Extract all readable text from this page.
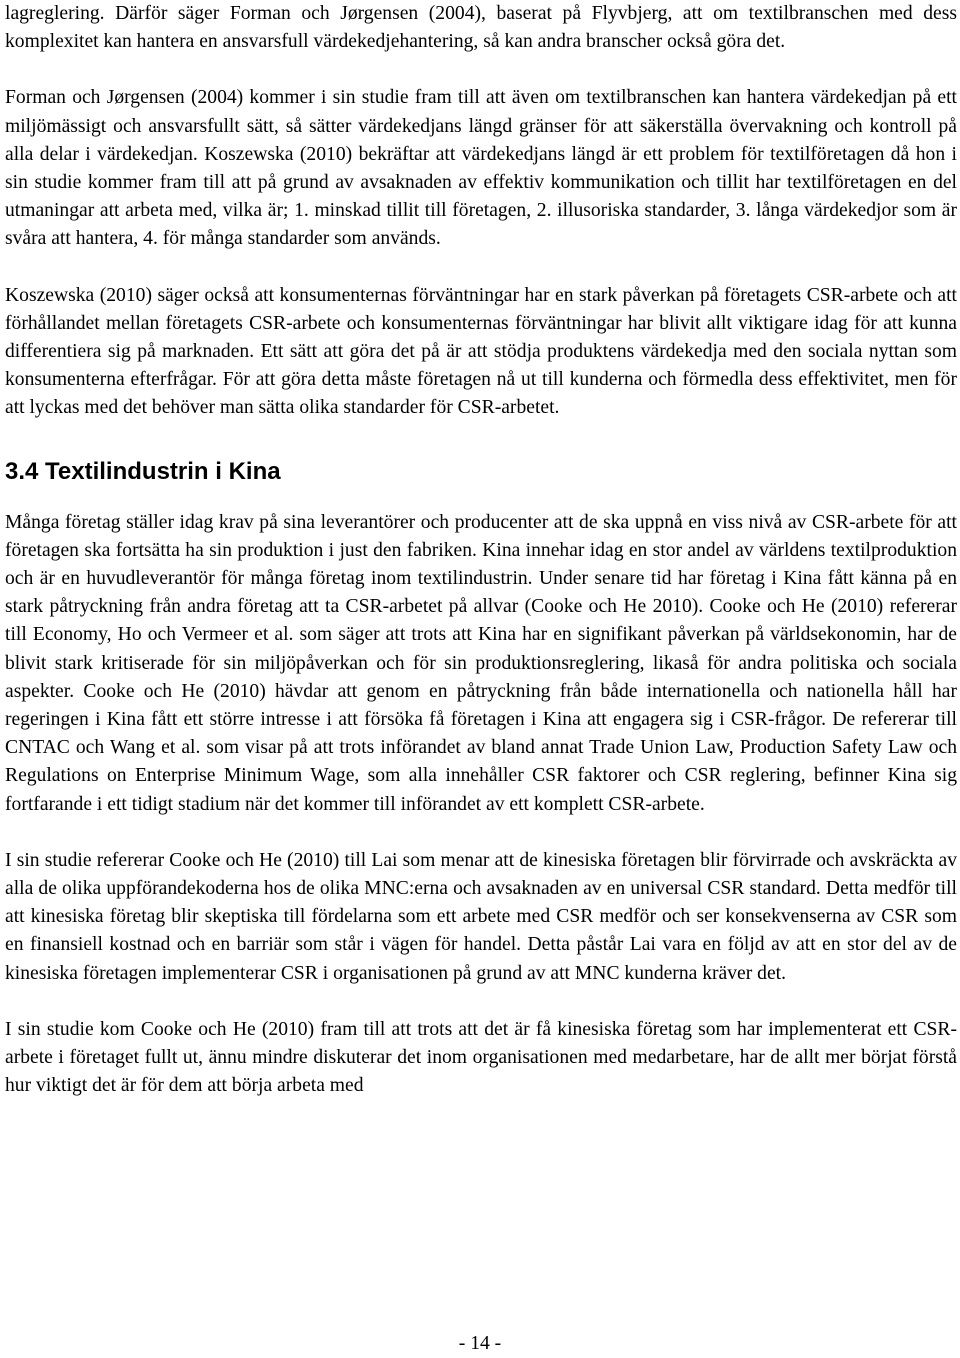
lagreglering. Därför säger Forman och Jørgensen (2004), baserat på Flyvbjerg, att om textilbranschen med dess komplexitet kan hantera en ansvarsfull värdekedjehantering, så kan andra branscher också göra det.

Forman och Jørgensen (2004) kommer i sin studie fram till att även om textilbranschen kan hantera värdekedjan på ett miljömässigt och ansvarsfullt sätt, så sätter värdekedjans längd gränser för att säkerställa övervakning och kontroll på alla delar i värdekedjan. Koszewska (2010) bekräftar att värdekedjans längd är ett problem för textilföretagen då hon i sin studie kommer fram till att på grund av avsaknaden av effektiv kommunikation och tillit har textilföretagen en del utmaningar att arbeta med, vilka är; 1. minskad tillit till företagen, 2. illusoriska standarder, 3. långa värdekedjor som är svåra att hantera, 4. för många standarder som används.

Koszewska (2010) säger också att konsumenternas förväntningar har en stark påverkan på företagets CSR-arbete och att förhållandet mellan företagets CSR-arbete och konsumenternas förväntningar har blivit allt viktigare idag för att kunna differentiera sig på marknaden. Ett sätt att göra det på är att stödja produktens värdekedja med den sociala nyttan som konsumenterna efterfrågar. För att göra detta måste företagen nå ut till kunderna och förmedla dess effektivitet, men för att lyckas med det behöver man sätta olika standarder för CSR-arbetet.

3.4 Textilindustrin i Kina

Många företag ställer idag krav på sina leverantörer och producenter att de ska uppnå en viss nivå av CSR-arbete för att företagen ska fortsätta ha sin produktion i just den fabriken. Kina innehar idag en stor andel av världens textilproduktion och är en huvudleverantör för många företag inom textilindustrin. Under senare tid har företag i Kina fått känna på en stark påtryckning från andra företag att ta CSR-arbetet på allvar (Cooke och He 2010). Cooke och He (2010) refererar till Economy, Ho och Vermeer et al. som säger att trots att Kina har en signifikant påverkan på världsekonomin, har de blivit stark kritiserade för sin miljöpåverkan och för sin produktionsreglering, likaså för andra politiska och sociala aspekter. Cooke och He (2010) hävdar att genom en påtryckning från både internationella och nationella håll har regeringen i Kina fått ett större intresse i att försöka få företagen i Kina att engagera sig i CSR-frågor. De refererar till CNTAC och Wang et al. som visar på att trots införandet av bland annat Trade Union Law, Production Safety Law och Regulations on Enterprise Minimum Wage, som alla innehåller CSR faktorer och CSR reglering, befinner Kina sig fortfarande i ett tidigt stadium när det kommer till införandet av ett komplett CSR-arbete.

I sin studie refererar Cooke och He (2010) till Lai som menar att de kinesiska företagen blir förvirrade och avskräckta av alla de olika uppförandekoderna hos de olika MNC:erna och avsaknaden av en universal CSR standard. Detta medför till att kinesiska företag blir skeptiska till fördelarna som ett arbete med CSR medför och ser konsekvenserna av CSR som en finansiell kostnad och en barriär som står i vägen för handel. Detta påstår Lai vara en följd av att en stor del av de kinesiska företagen implementerar CSR i organisationen på grund av att MNC kunderna kräver det.

I sin studie kom Cooke och He (2010) fram till att trots att det är få kinesiska företag som har implementerat ett CSR-arbete i företaget fullt ut, ännu mindre diskuterar det inom organisationen med medarbetare, har de allt mer börjat förstå hur viktigt det är för dem att börja arbeta med

- 14 -
